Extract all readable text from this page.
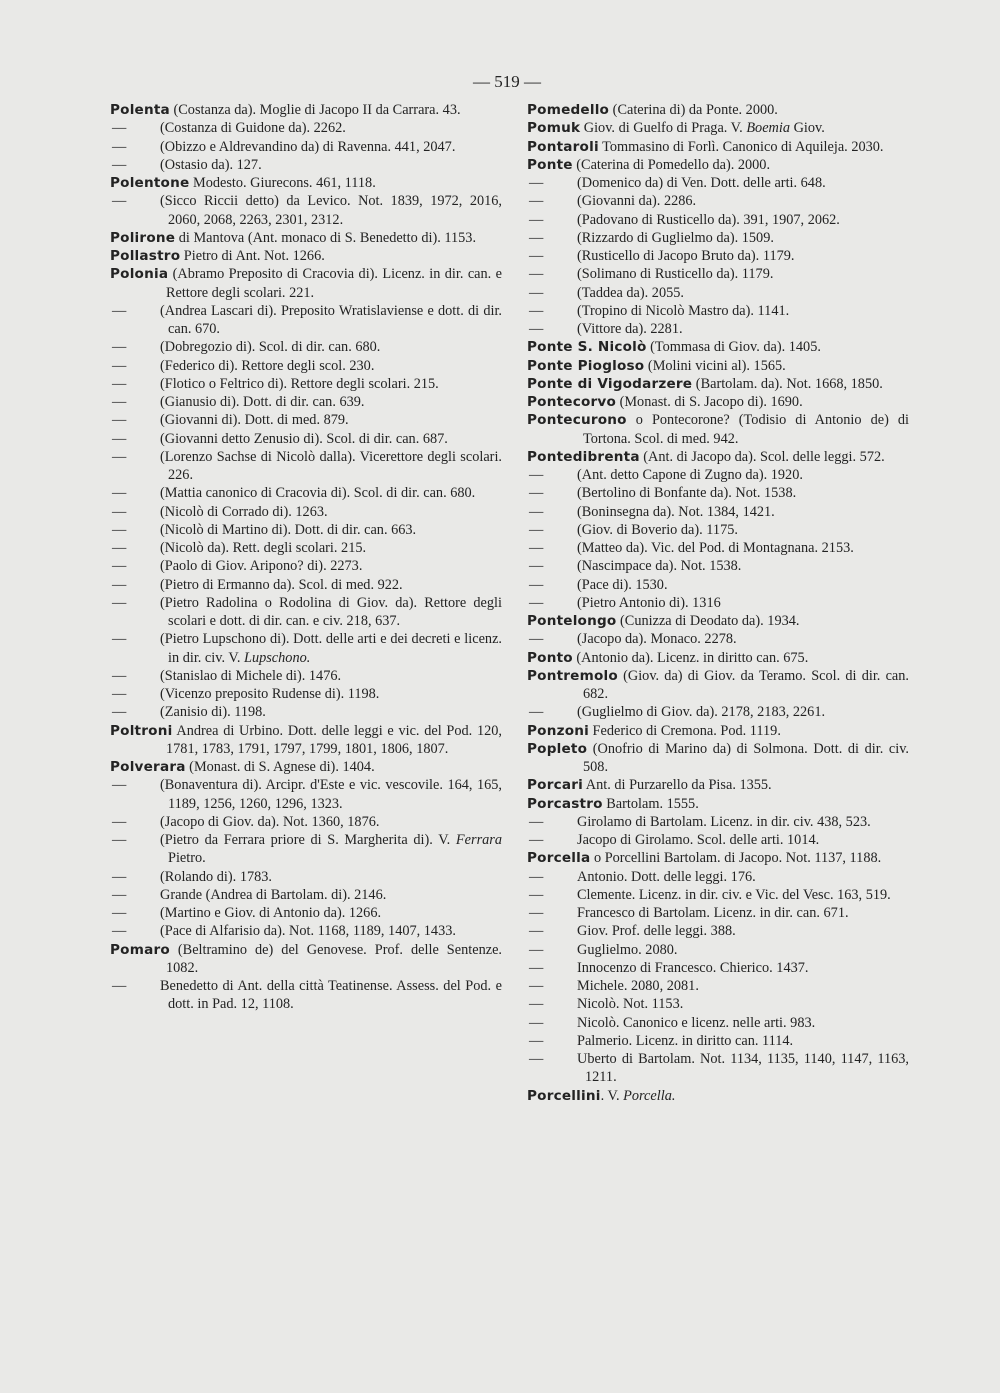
— 519 —
Polenta (Costanza da). Moglie di Jacopo II da Carrara. 43.
— (Costanza di Guidone da). 2262.
— (Obizzo e Aldrevandino da) di Ravenna. 441, 2047.
— (Ostasio da). 127.
Polentone Modesto. Giurecons. 461, 1118.
— (Sicco Riccii detto) da Levico. Not. 1839, 1972, 2016, 2060, 2068, 2263, 2301, 2312.
Polirone di Mantova (Ant. monaco di S. Benedetto di). 1153.
Pollastro Pietro di Ant. Not. 1266.
Polonia (Abramo Preposito di Cracovia di). Licenz. in dir. can. e Rettore degli scolari. 221.
— (Andrea Lascari di). Preposito Wratislaviense e dott. di dir. can. 670.
— (Dobregozio di). Scol. di dir. can. 680.
— (Federico di). Rettore degli scol. 230.
— (Flotico o Feltrico di). Rettore degli scolari. 215.
— (Gianusio di). Dott. di dir. can. 639.
— (Giovanni di). Dott. di med. 879.
— (Giovanni detto Zenusio di). Scol. di dir. can. 687.
— (Lorenzo Sachse di Nicolò dalla). Vicerettore degli scolari. 226.
— (Mattia canonico di Cracovia di). Scol. di dir. can. 680.
— (Nicolò di Corrado di). 1263.
— (Nicolò di Martino di). Dott. di dir. can. 663.
— (Nicolò da). Rett. degli scolari. 215.
— (Paolo di Giov. Aripono? di). 2273.
— (Pietro di Ermanno da). Scol. di med. 922.
— (Pietro Radolina o Rodolina di Giov. da). Rettore degli scolari e dott. di dir. can. e civ. 218, 637.
— (Pietro Lupschono di). Dott. delle arti e dei decreti e licenz. in dir. civ. V. Lupschono.
— (Stanislao di Michele di). 1476.
— (Vicenzo preposito Rudense di). 1198.
— (Zanisio di). 1198.
Poltroni Andrea di Urbino. Dott. delle leggi e vic. del Pod. 120, 1781, 1783, 1791, 1797, 1799, 1801, 1806, 1807.
Polverara (Monast. di S. Agnese di). 1404.
— (Bonaventura di). Arcipr. d'Este e vic. vescovile. 164, 165, 1189, 1256, 1260, 1296, 1323.
— (Jacopo di Giov. da). Not. 1360, 1876.
— (Pietro da Ferrara priore di S. Margherita di). V. Ferrara Pietro.
— (Rolando di). 1783.
— Grande (Andrea di Bartolam. di). 2146.
— (Martino e Giov. di Antonio da). 1266.
— (Pace di Alfarisio da). Not. 1168, 1189, 1407, 1433.
Pomaro (Beltramino de) del Genovese. Prof. delle Sentenze. 1082.
— Benedetto di Ant. della città Teatinense. Assess. del Pod. e dott. in Pad. 12, 1108.
Pomedello (Caterina di) da Ponte. 2000.
Pomuk Giov. di Guelfo di Praga. V. Boemia Giov.
Pontaroli Tommasino di Forlì. Canonico di Aquileja. 2030.
Ponte (Caterina di Pomedello da). 2000.
— (Domenico da) di Ven. Dott. delle arti. 648.
— (Giovanni da). 2286.
— (Padovano di Rusticello da). 391, 1907, 2062.
— (Rizzardo di Guglielmo da). 1509.
— (Rusticello di Jacopo Bruto da). 1179.
— (Solimano di Rusticello da). 1179.
— (Taddea da). 2055.
— (Tropino di Nicolò Mastro da). 1141.
— (Vittore da). 2281.
Ponte S. Nicolò (Tommasa di Giov. da). 1405.
Ponte Piogloso (Molini vicini al). 1565.
Ponte di Vigodarzere (Bartolam. da). Not. 1668, 1850.
Pontecorvo (Monast. di S. Jacopo di). 1690.
Pontecurono o Pontecorone? (Todisio di Antonio de) di Tortona. Scol. di med. 942.
Pontedibrenta (Ant. di Jacopo da). Scol. delle leggi. 572.
— (Ant. detto Capone di Zugno da). 1920.
— (Bertolino di Bonfante da). Not. 1538.
— (Boninsegna da). Not. 1384, 1421.
— (Giov. di Boverio da). 1175.
— (Matteo da). Vic. del Pod. di Montagnana. 2153.
— (Nascimpace da). Not. 1538.
— (Pace di). 1530.
— (Pietro Antonio di). 1316
Pontelongo (Cunizza di Deodato da). 1934.
— (Jacopo da). Monaco. 2278.
Ponto (Antonio da). Licenz. in diritto can. 675.
Pontremolo (Giov. da) di Giov. da Teramo. Scol. di dir. can. 682.
— (Guglielmo di Giov. da). 2178, 2183, 2261.
Ponzoni Federico di Cremona. Pod. 1119.
Popleto (Onofrio di Marino da) di Solmona. Dott. di dir. civ. 508.
Porcari Ant. di Purzarello da Pisa. 1355.
Porcastro Bartolam. 1555.
— Girolamo di Bartolam. Licenz. in dir. civ. 438, 523.
— Jacopo di Girolamo. Scol. delle arti. 1014.
Porcella o Porcellini Bartolam. di Jacopo. Not. 1137, 1188.
— Antonio. Dott. delle leggi. 176.
— Clemente. Licenz. in dir. civ. e Vic. del Vesc. 163, 519.
— Francesco di Bartolam. Licenz. in dir. can. 671.
— Giov. Prof. delle leggi. 388.
— Guglielmo. 2080.
— Innocenzo di Francesco. Chierico. 1437.
— Michele. 2080, 2081.
— Nicolò. Not. 1153.
— Nicolò. Canonico e licenz. nelle arti. 983.
— Palmerio. Licenz. in diritto can. 1114.
— Uberto di Bartolam. Not. 1134, 1135, 1140, 1147, 1163, 1211.
Porcellini. V. Porcella.
